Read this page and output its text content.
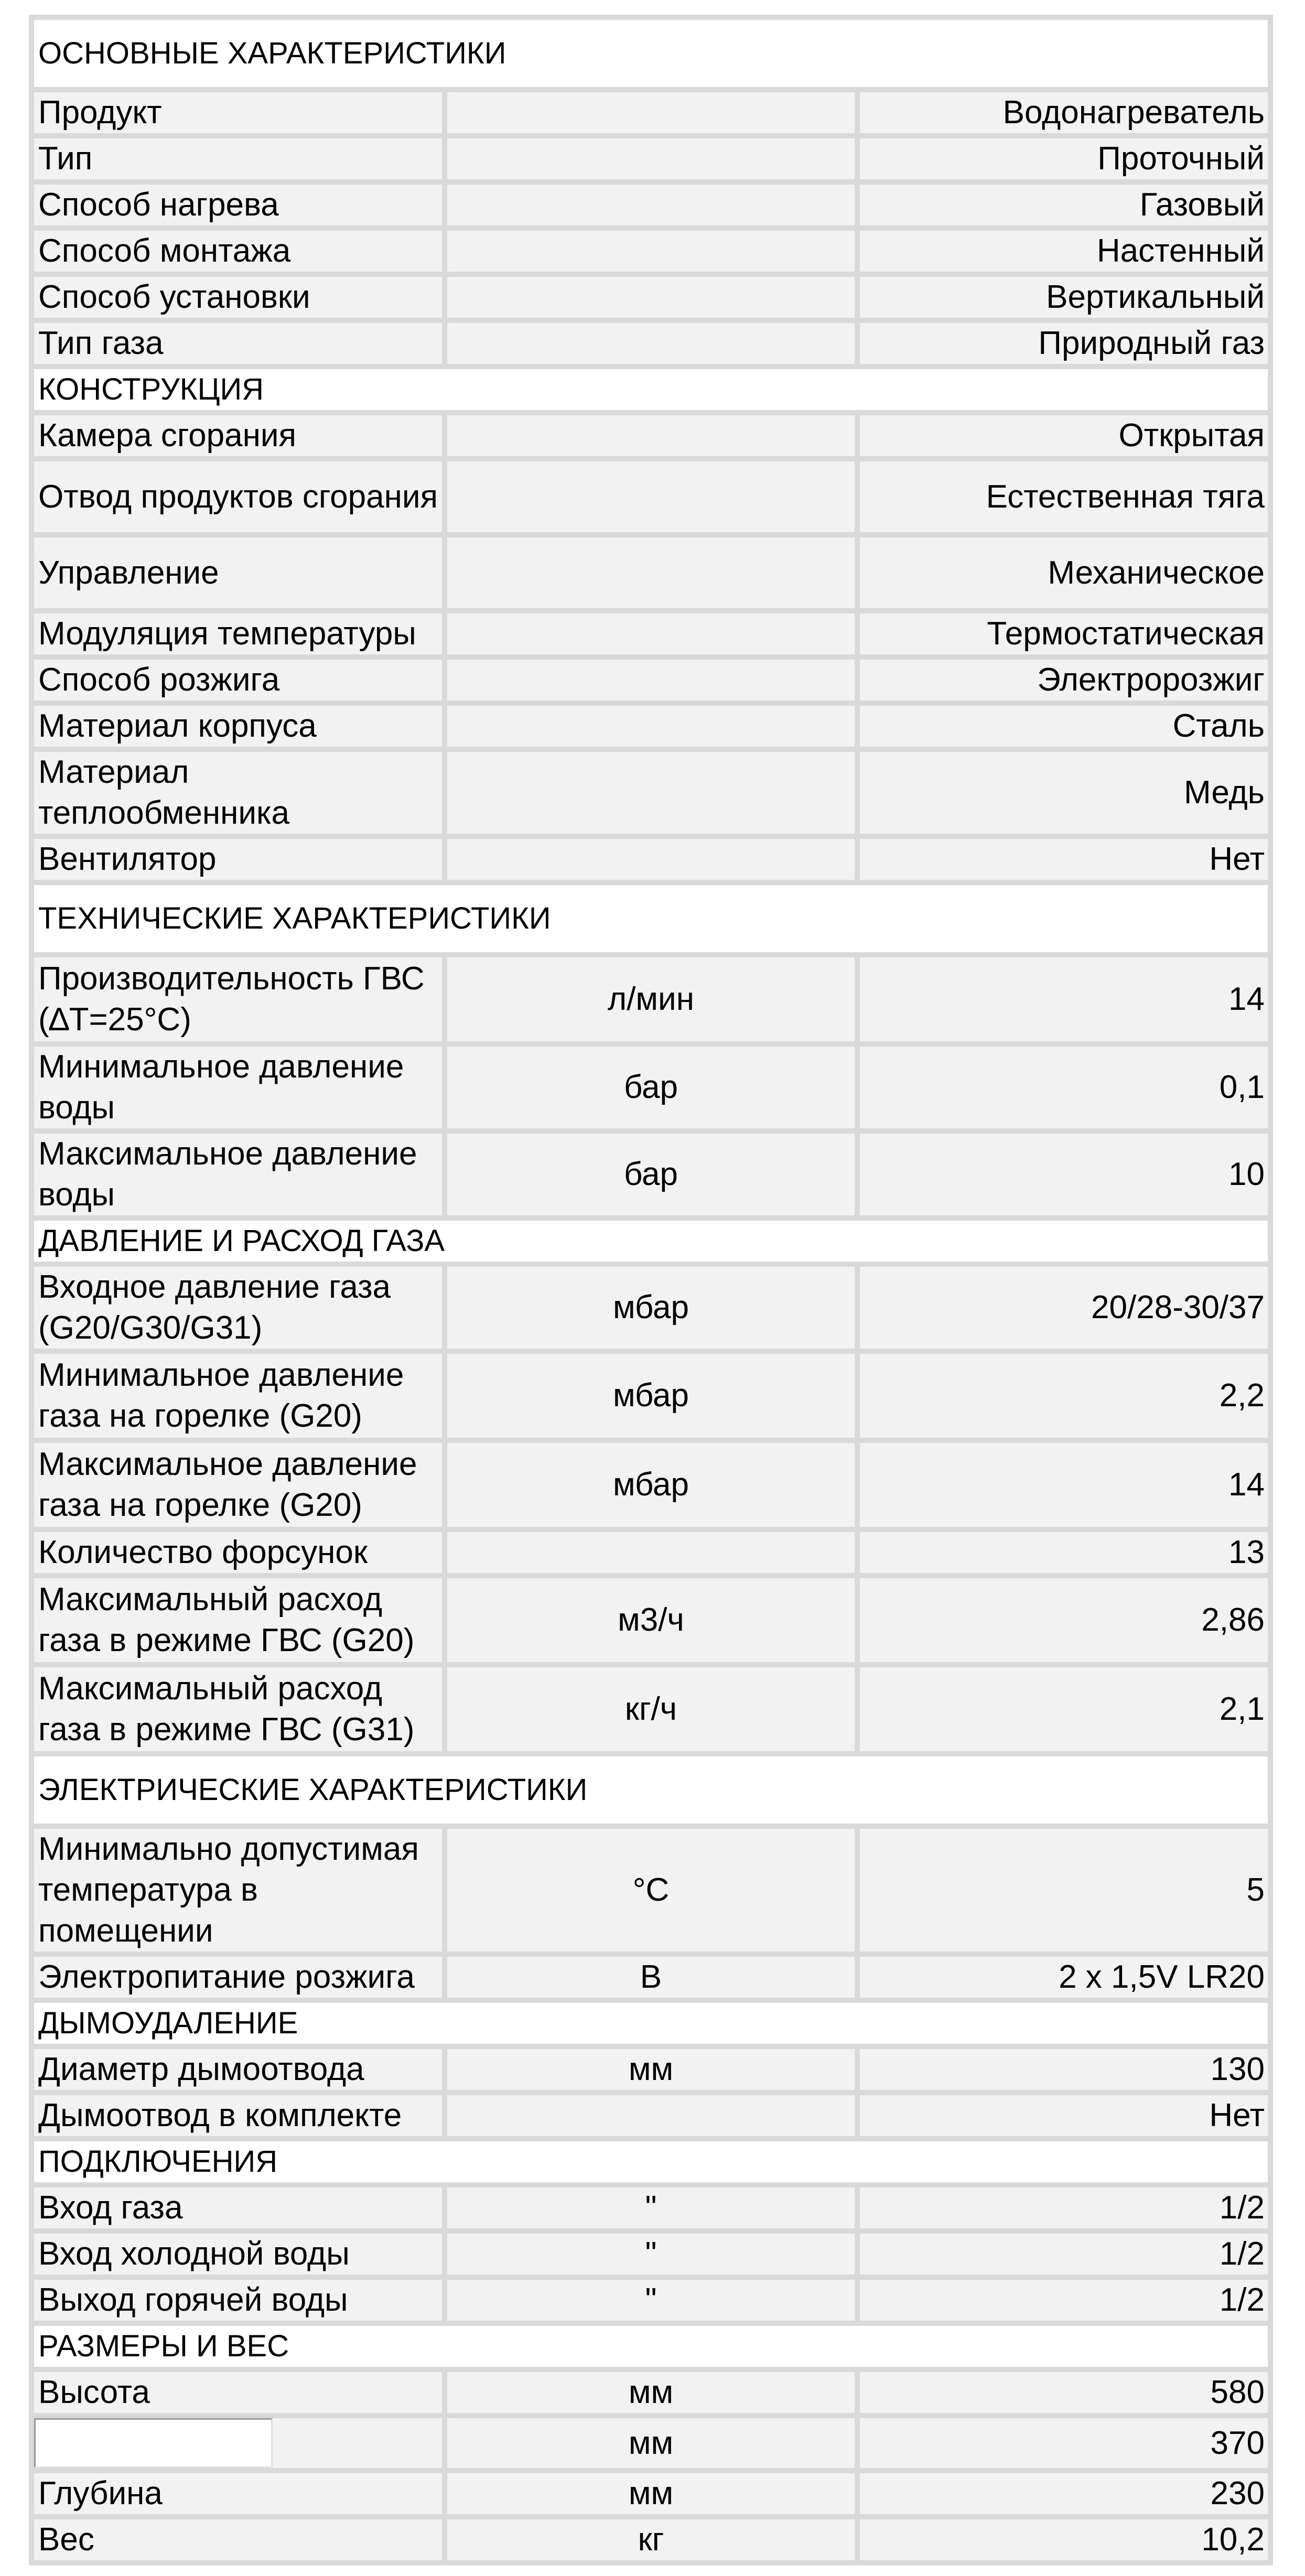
ОСНОВНЫЕ ХАРАКТЕРИСТИКИ		
Продукт		Водонагреватель
Тип		Проточный
Способ нагрева		Газовый
Способ монтажа		Настенный
Способ установки		Вертикальный
Тип газа		Природный газ
КОНСТРУКЦИЯ		
Камера сгорания		Открытая
Отвод продуктов сгорания		Естественная тяга
Управление		Механическое
Модуляция температуры		Термостатическая
Способ розжига		Электророзжиг
Материал корпуса		Сталь
Материал теплообменника		Медь
Вентилятор		Нет
ТЕХНИЧЕСКИЕ ХАРАКТЕРИСТИКИ		
Производительность ГВС (∆T=25°C)	л/мин	14
Минимальное давление воды	бар	0,1
Максимальное давление воды	бар	10
ДАВЛЕНИЕ И РАСХОД ГАЗА		
Входное давление газа (G20/G30/G31)	мбар	20/28-30/37
Минимальное давление газа на горелке (G20)	мбар	2,2
Максимальное давление газа на горелке (G20)	мбар	14
Количество форсунок		13
Максимальный расход газа в режиме ГВС (G20)	м3/ч	2,86
Максимальный расход газа в режиме ГВС (G31)	кг/ч	2,1
ЭЛЕКТРИЧЕСКИЕ ХАРАКТЕРИСТИКИ		
Минимально допустимая температура в помещении	°C	5
Электропитание розжига	В	2 x 1,5V LR20
ДЫМОУДАЛЕНИЕ		
Диаметр дымоотвода	мм	130
Дымоотвод в комплекте		Нет
ПОДКЛЮЧЕНИЯ		
Вход газа	"	1/2
Вход холодной воды	"	1/2
Выход горячей воды	"	1/2
РАЗМЕРЫ И ВЕС		
Высота	мм	580
	мм	370
Глубина	мм	230
Вес	кг	10,2
